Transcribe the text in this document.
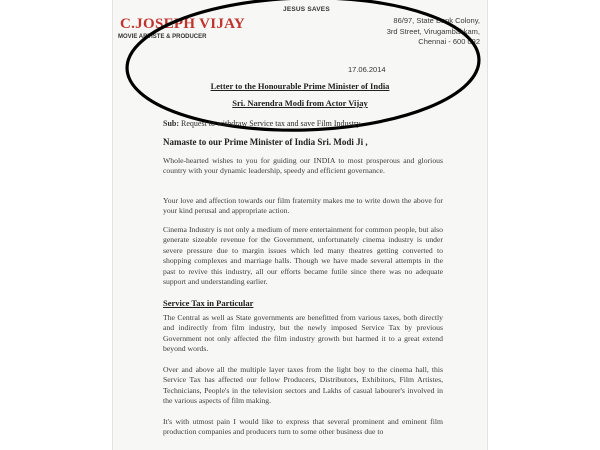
JESUS SAVES
C.JOSEPH VIJAY
MOVIE ARTISTE & PRODUCER
86/97, State Bank Colony,
3rd Street, Virugambakkam,
Chennai - 600 092
17.06.2014
Letter to the Honourable Prime Minister of India
Sri. Narendra Modi from Actor Vijay
Sub: Request to withdraw Service tax and save Film Industry
Namaste to our Prime Minister of India Sri. Modi Ji ,
Whole-hearted wishes to you for guiding our INDIA to most prosperous and glorious country with your dynamic leadership, speedy and efficient governance.
Your love and affection towards our film fraternity makes me to write down the above for your kind perusal and appropriate action.
Cinema Industry is not only a medium of mere entertainment for common people, but also generate sizeable revenue for the Government, unfortunately cinema industry is under severe pressure due to margin issues which led many theatres getting converted to shopping complexes and marriage halls. Though we have made several attempts in the past to revive this industry, all our efforts became futile since there was no adequate support and understanding earlier.
Service Tax in Particular
The Central as well as State governments are benefitted from various taxes, both directly and indirectly from film industry, but the newly imposed Service Tax by previous Government not only affected the film industry growth but harmed it to a great extend beyond words.
Over and above all the multiple layer taxes from the light boy to the cinema hall, this Service Tax has affected our fellow Producers, Distributors, Exhibitors, Film Artistes, Technicians, People's in the television sectors and Lakhs of casual labourer's involved in the various aspects of film making.
It's with utmost pain I would like to express that several prominent and eminent film production companies and producers turn to some other business due to
